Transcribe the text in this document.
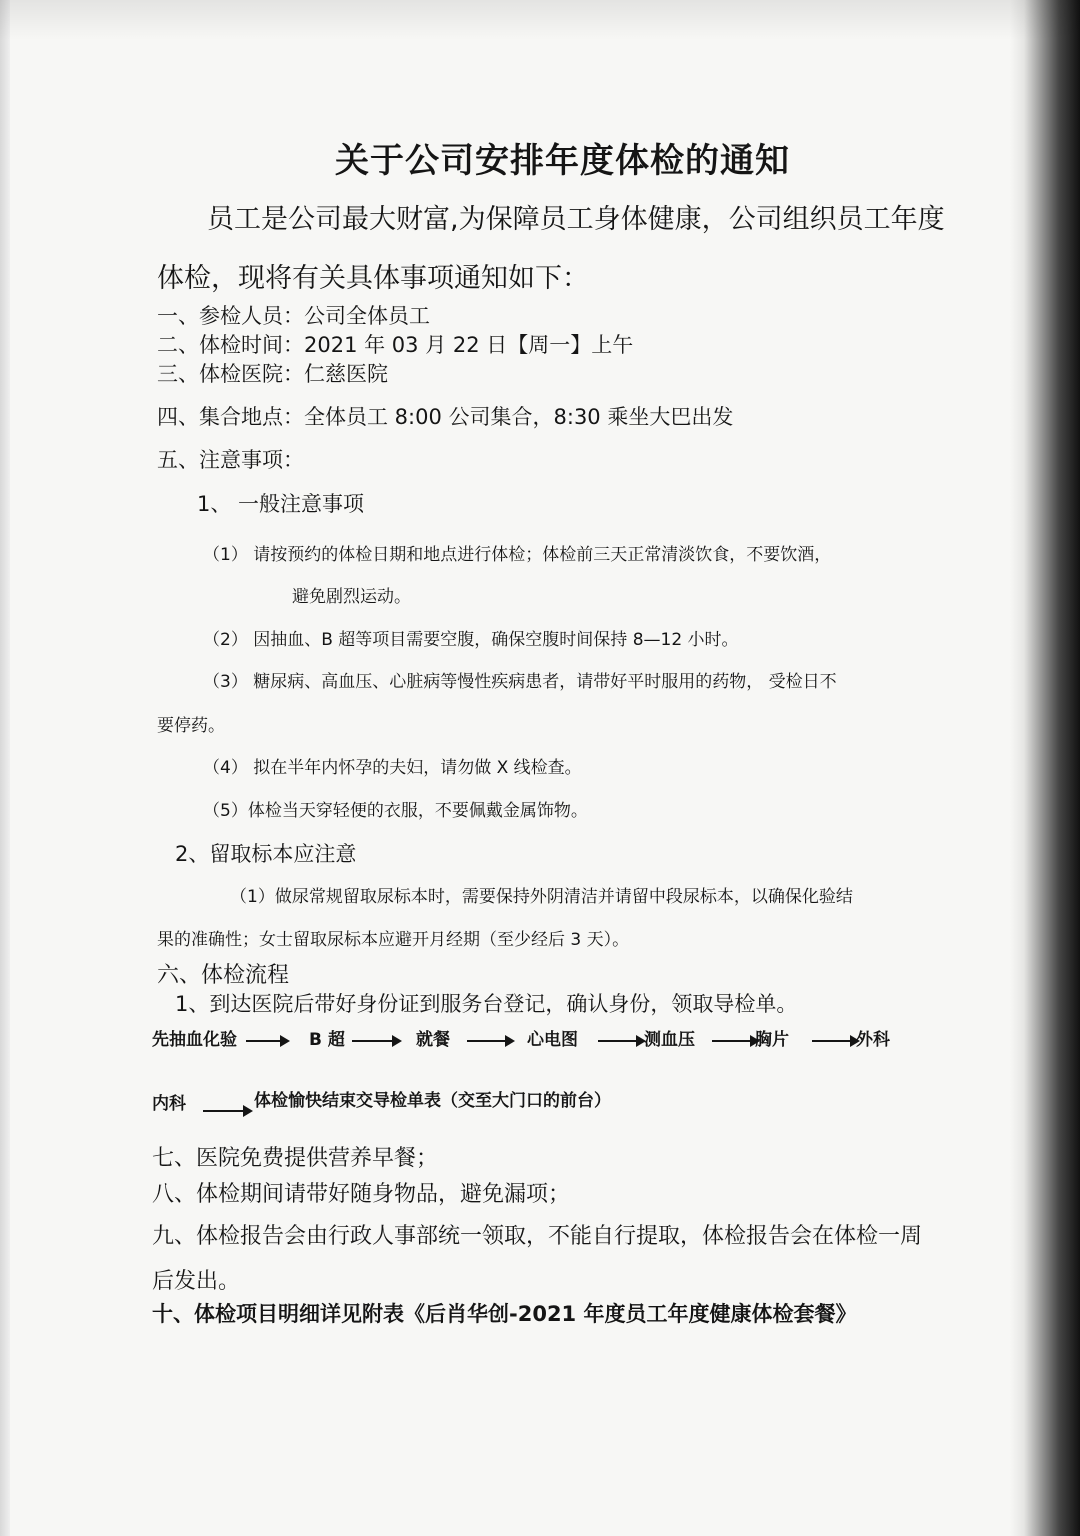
关于公司安排年度体检的通知
员工是公司最大财富,为保障员工身体健康，公司组织员工年度
体检，现将有关具体事项通知如下：
一、参检人员：公司全体员工
二、体检时间：2021 年 03 月 22 日【周一】上午
三、体检医院：仁慈医院
四、集合地点：全体员工 8:00 公司集合，8:30 乘坐大巴出发
五、注意事项：
1、 一般注意事项
（1） 请按预约的体检日期和地点进行体检；体检前三天正常清淡饮食，不要饮酒，
避免剧烈运动。
（2） 因抽血、B 超等项目需要空腹，确保空腹时间保持 8—12 小时。
（3） 糖尿病、高血压、心脏病等慢性疾病患者，请带好平时服用的药物， 受检日不
要停药。
（4） 拟在半年内怀孕的夫妇，请勿做 X 线检查。
（5）体检当天穿轻便的衣服，不要佩戴金属饰物。
2、留取标本应注意
（1）做尿常规留取尿标本时，需要保持外阴清洁并请留中段尿标本，以确保化验结
果的准确性；女士留取尿标本应避开月经期（至少经后 3 天）。
六、体检流程
1、到达医院后带好身份证到服务台登记，确认身份，领取导检单。
先抽血化验	B 超	就餐	心电图	测血压	胸片	外科
内科	体检愉快结束交导检单表（交至大门口的前台）
七、医院免费提供营养早餐；
八、体检期间请带好随身物品，避免漏项；
九、体检报告会由行政人事部统一领取，不能自行提取，体检报告会在体检一周
后发出。
十、体检项目明细详见附表《后肖华创-2021 年度员工年度健康体检套餐》
